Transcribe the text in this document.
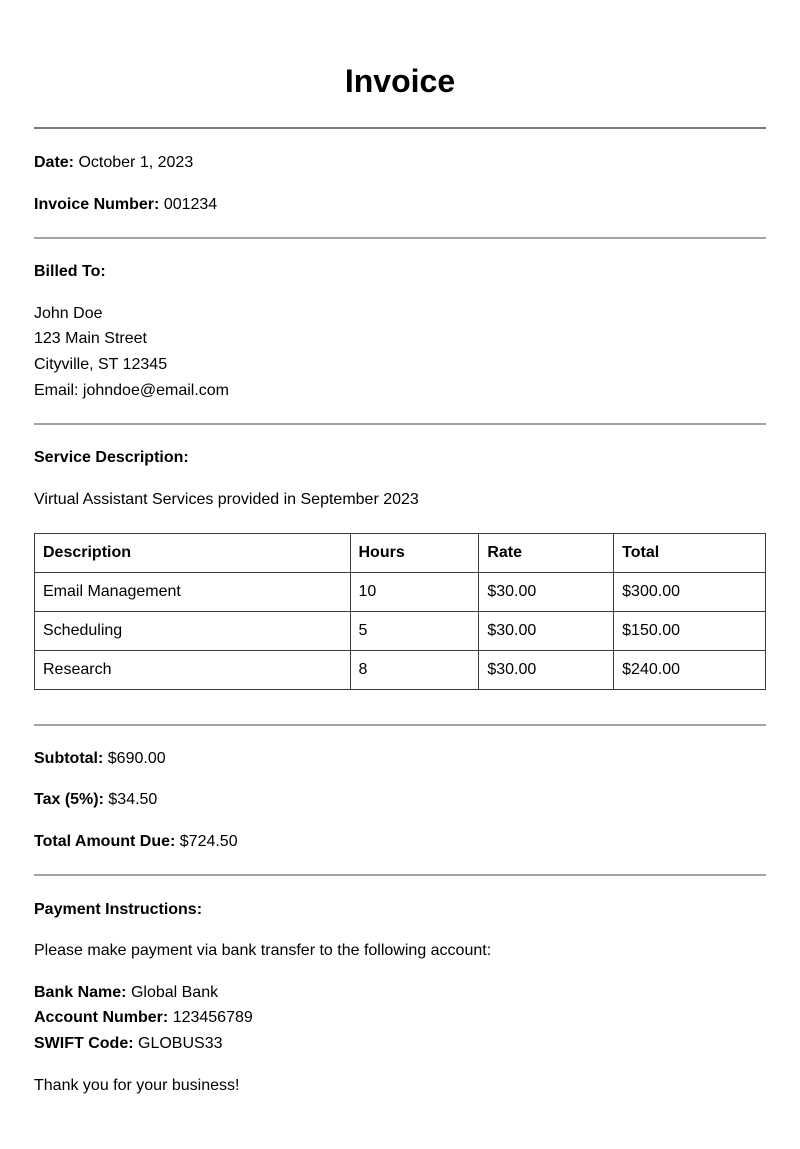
Invoice
Date: October 1, 2023
Invoice Number: 001234
Billed To:
John Doe
123 Main Street
Cityville, ST 12345
Email: johndoe@email.com
Service Description:
Virtual Assistant Services provided in September 2023
Description	Hours	Rate	Total
Email Management	10	$30.00	$300.00
Scheduling	5	$30.00	$150.00
Research	8	$30.00	$240.00
Subtotal: $690.00
Tax (5%): $34.50
Total Amount Due: $724.50
Payment Instructions:
Please make payment via bank transfer to the following account:
Bank Name: Global Bank
Account Number: 123456789
SWIFT Code: GLOBUS33
Thank you for your business!
